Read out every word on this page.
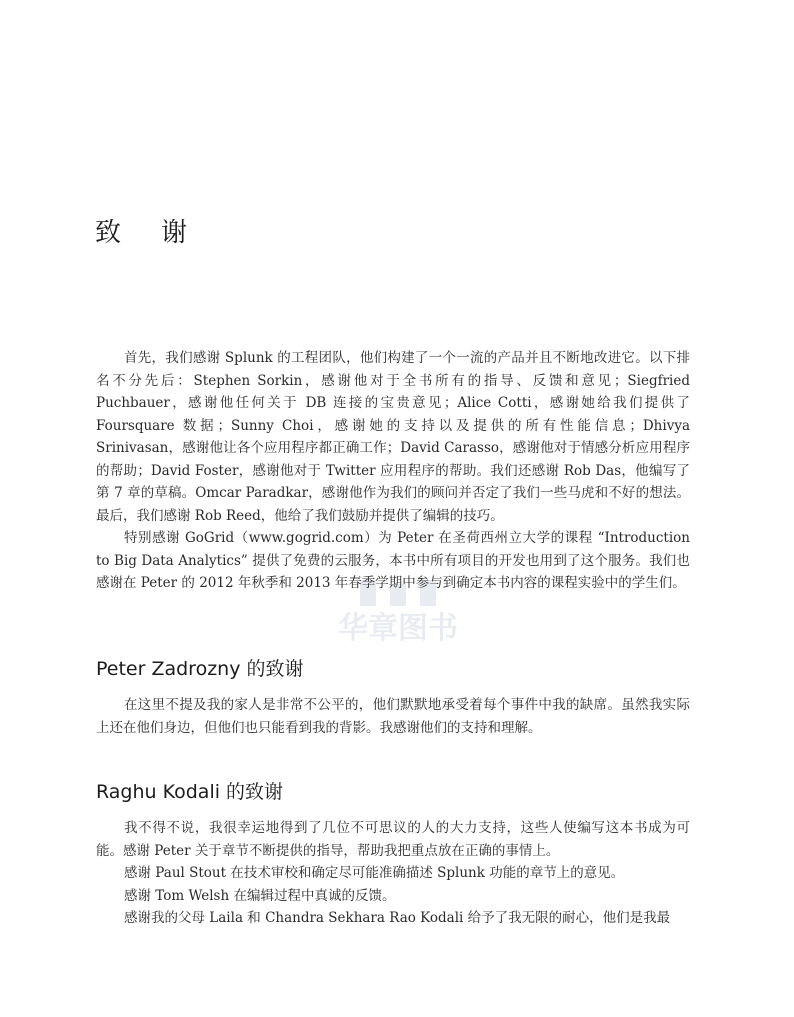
华章图书
致谢

首先，我们感谢 Splunk 的工程团队，他们构建了一个一流的产品并且不断地改进它。以下排名不分先后：Stephen Sorkin，感谢他对于全书所有的指导、反馈和意见；Siegfried Puchbauer，感谢他任何关于 DB 连接的宝贵意见；Alice Cotti，感谢她给我们提供了 Foursquare 数据；Sunny Choi，感谢她的支持以及提供的所有性能信息；Dhivya Srinivasan，感谢他让各个应用程序都正确工作；David Carasso，感谢他对于情感分析应用程序的帮助；David Foster，感谢他对于 Twitter 应用程序的帮助。我们还感谢 Rob Das，他编写了第 7 章的草稿。Omcar Paradkar，感谢他作为我们的顾问并否定了我们一些马虎和不好的想法。最后，我们感谢 Rob Reed，他给了我们鼓励并提供了编辑的技巧。

特别感谢 GoGrid（www.gogrid.com）为 Peter 在圣荷西州立大学的课程 “Introduction to Big Data Analytics” 提供了免费的云服务，本书中所有项目的开发也用到了这个服务。我们也感谢在 Peter 的 2012 年秋季和 2013 年春季学期中参与到确定本书内容的课程实验中的学生们。

Peter Zadrozny 的致谢

在这里不提及我的家人是非常不公平的，他们默默地承受着每个事件中我的缺席。虽然我实际上还在他们身边，但他们也只能看到我的背影。我感谢他们的支持和理解。

Raghu Kodali 的致谢

我不得不说，我很幸运地得到了几位不可思议的人的大力支持，这些人使编写这本书成为可能。感谢 Peter 关于章节不断提供的指导，帮助我把重点放在正确的事情上。

感谢 Paul Stout 在技术审校和确定尽可能准确描述 Splunk 功能的章节上的意见。

感谢 Tom Welsh 在编辑过程中真诚的反馈。

感谢我的父母 Laila 和 Chandra Sekhara Rao Kodali 给予了我无限的耐心，他们是我最
